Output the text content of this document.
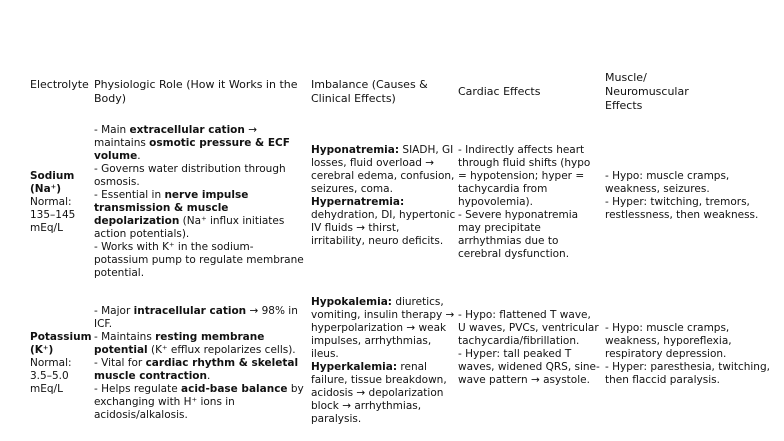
Electrolyte Physiologic Role (How it Works in the Body)
Imbalance (Causes & Clinical Effects)
Cardiac Effects
Muscle/ Neuromuscular Effects

Sodium (Na⁺)

Normal:

135–145 mEq/L

- Main extracellular cation → maintains osmotic pressure & ECF volume.

- Governs water distribution through osmosis.

- Essential in nerve impulse transmission & muscle depolarization (Na⁺ influx initiates action potentials).

- Works with K⁺ in the sodium-potassium pump to regulate membrane potential.

Hyponatremia: SIADH, GI losses, fluid overload → cerebral edema, confusion, seizures, coma.

Hypernatremia: dehydration, DI, hypertonic IV fluids → thirst, irritability, neuro deficits.

- Indirectly affects heart through fluid shifts (hypo = hypotension; hyper = tachycardia from hypovolemia).

- Severe hyponatremia may precipitate arrhythmias due to cerebral dysfunction.

- Hypo: muscle cramps, weakness, seizures.

- Hyper: twitching, tremors, restlessness, then weakness.

Potassium (K⁺)

Normal:

3.5–5.0 mEq/L

- Major intracellular cation → 98% in ICF.

- Maintains resting membrane potential (K⁺ efflux repolarizes cells).

- Vital for cardiac rhythm & skeletal muscle contraction.

- Helps regulate acid-base balance by exchanging with H⁺ ions in acidosis/alkalosis.

Hypokalemia: diuretics, vomiting, insulin therapy → hyperpolarization → weak impulses, arrhythmias, ileus.

Hyperkalemia: renal failure, tissue breakdown, acidosis → depolarization block → arrhythmias, paralysis.

- Hypo: flattened T wave, U waves, PVCs, ventricular tachycardia/fibrillation.

- Hyper: tall peaked T waves, widened QRS, sine-wave pattern → asystole.

- Hypo: muscle cramps, weakness, hyporeflexia, respiratory depression.

- Hyper: paresthesia, twitching, then flaccid paralysis.
